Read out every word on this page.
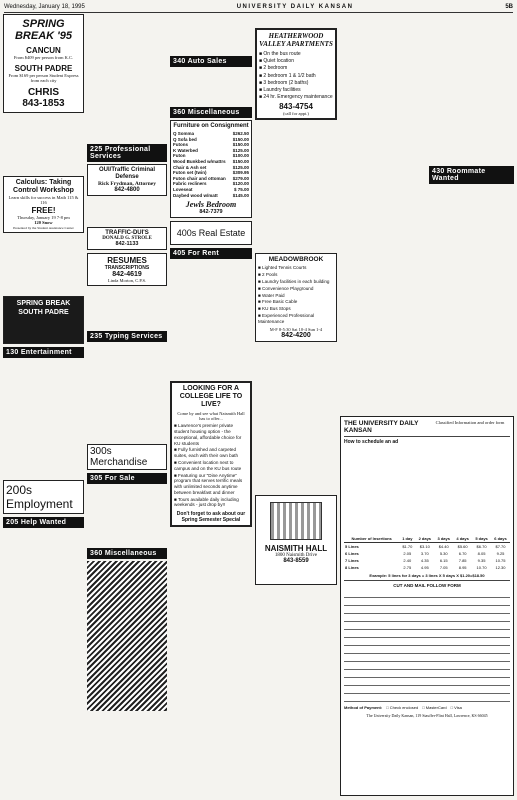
Wednesday, January 18, 1995	UNIVERSITY DAILY KANSAN	5B
SPRING BREAK '95
CANCUN
From $409 per person from K.C.
SOUTH PADRE
From $169 per person Student Express from each city
CHRIS
843-1853
Calculus: Taking Control Workshop
Learn skills for success in Math 115 & 116
FREE!
Thursday, January 19 7-8 pm
120 Snow
Presented by the Student Assistance Center
SPRING BREAK SOUTH PADRE
130 Entertainment
200s Employment
205 Help Wanted
225 Professional Services
OUI/Traffic Criminal Defense
Rick Frydman, Attorney
842-4800
TRAFFIC-DUI'S
DONALD G. STROLE
842-1133
RESUMES
TRANSCRIPTIONS
842-4619
Linda Morton, C.P.S.
235 Typing Services
300s Merchandise
305 For Sale
360 Miscellaneous
340 Auto Sales
360 Miscellaneous
Furniture on Consignment
Q Somma	$262.50
Q Sofa bed	$150.00
Futons	$150.00
K Waterbed	$125.00
Futon	$100.00
Wood Bunkbed w/mattrs $150.00
Chair & Ash set	$125.00
Futon set (twin)	$309.95
Futon chair and ottoman $279.00
Fabric recliners	$120.00
Loveseat	$ 75.00
Daybed wood w/matt	$145.00
Jewls Bedroom
842-7379
400s Real Estate
405 For Rent
LOOKING FOR A COLLEGE LIFE TO LIVE?
Come by and see what Naismith Hall has to offer...
■ Lawrence's premier private student housing option - the exceptional, affordable choice for KU students
■ Fully furnished and carpeted suites, each with their own bath
■ Convenient location next to campus and on the KU bus route
■ Featuring our "Dine Anytime" program that serves terrific meals with unlimited seconds anytime between breakfast and dinner
■ Tours available daily including weekends - just drop by!!
Don't forget to ask about our Spring Semester Special
HEATHERWOOD VALLEY APARTMENTS
■ On the bus route
■ Quiet location
■ 2 bedroom
■ 2 bedroom 1 & 1/2 bath
■ 3 bedroom (2 baths)
■ Laundry facilities
■ 24 hr. Emergency maintenance
843-4754
(call for appt.)
MEADOWBROOK
■ Lighted Tennis Courts
■ 2 Pools
■ Laundry facilities in each building
■ Convenience Playground
■ Water Paid
■ Free Basic Cable
■ KU Bus Stops
■ Experienced Professional Maintenance
M-F 8-5:30 Sat 10-4 Sun 1-4
842-4200
NAISMITH HALL
1800 Naismith Drive
843-8559
430 Roommate Wanted
THE UNIVERSITY DAILY KANSAN
Classified Information and order form
How to schedule an ad
Number of Insertions	1 day	2 days	3 days	4 days	5 days	6 days
5 Lines	$1.70	$3.10	$4.40	$5.60	$6.70	$7.70
6 Lines	2.05	3.70	5.30	6.70	8.05	9.25
7 Lines	2.40	4.35	6.15	7.85	9.35	10.75
8 Lines	2.75	4.95	7.05	8.95	10.70	12.30
Example: 5 lines for 3 days = 3 lines X 5 days X $1.20=$18.50
CUT AND MAIL FOLLOW FORM
Method of Payment: □ Check enclosed □ MasterCard □ Visa
The University Daily Kansan, 119 Stauffer-Flint Hall, Lawrence, KS 66045
